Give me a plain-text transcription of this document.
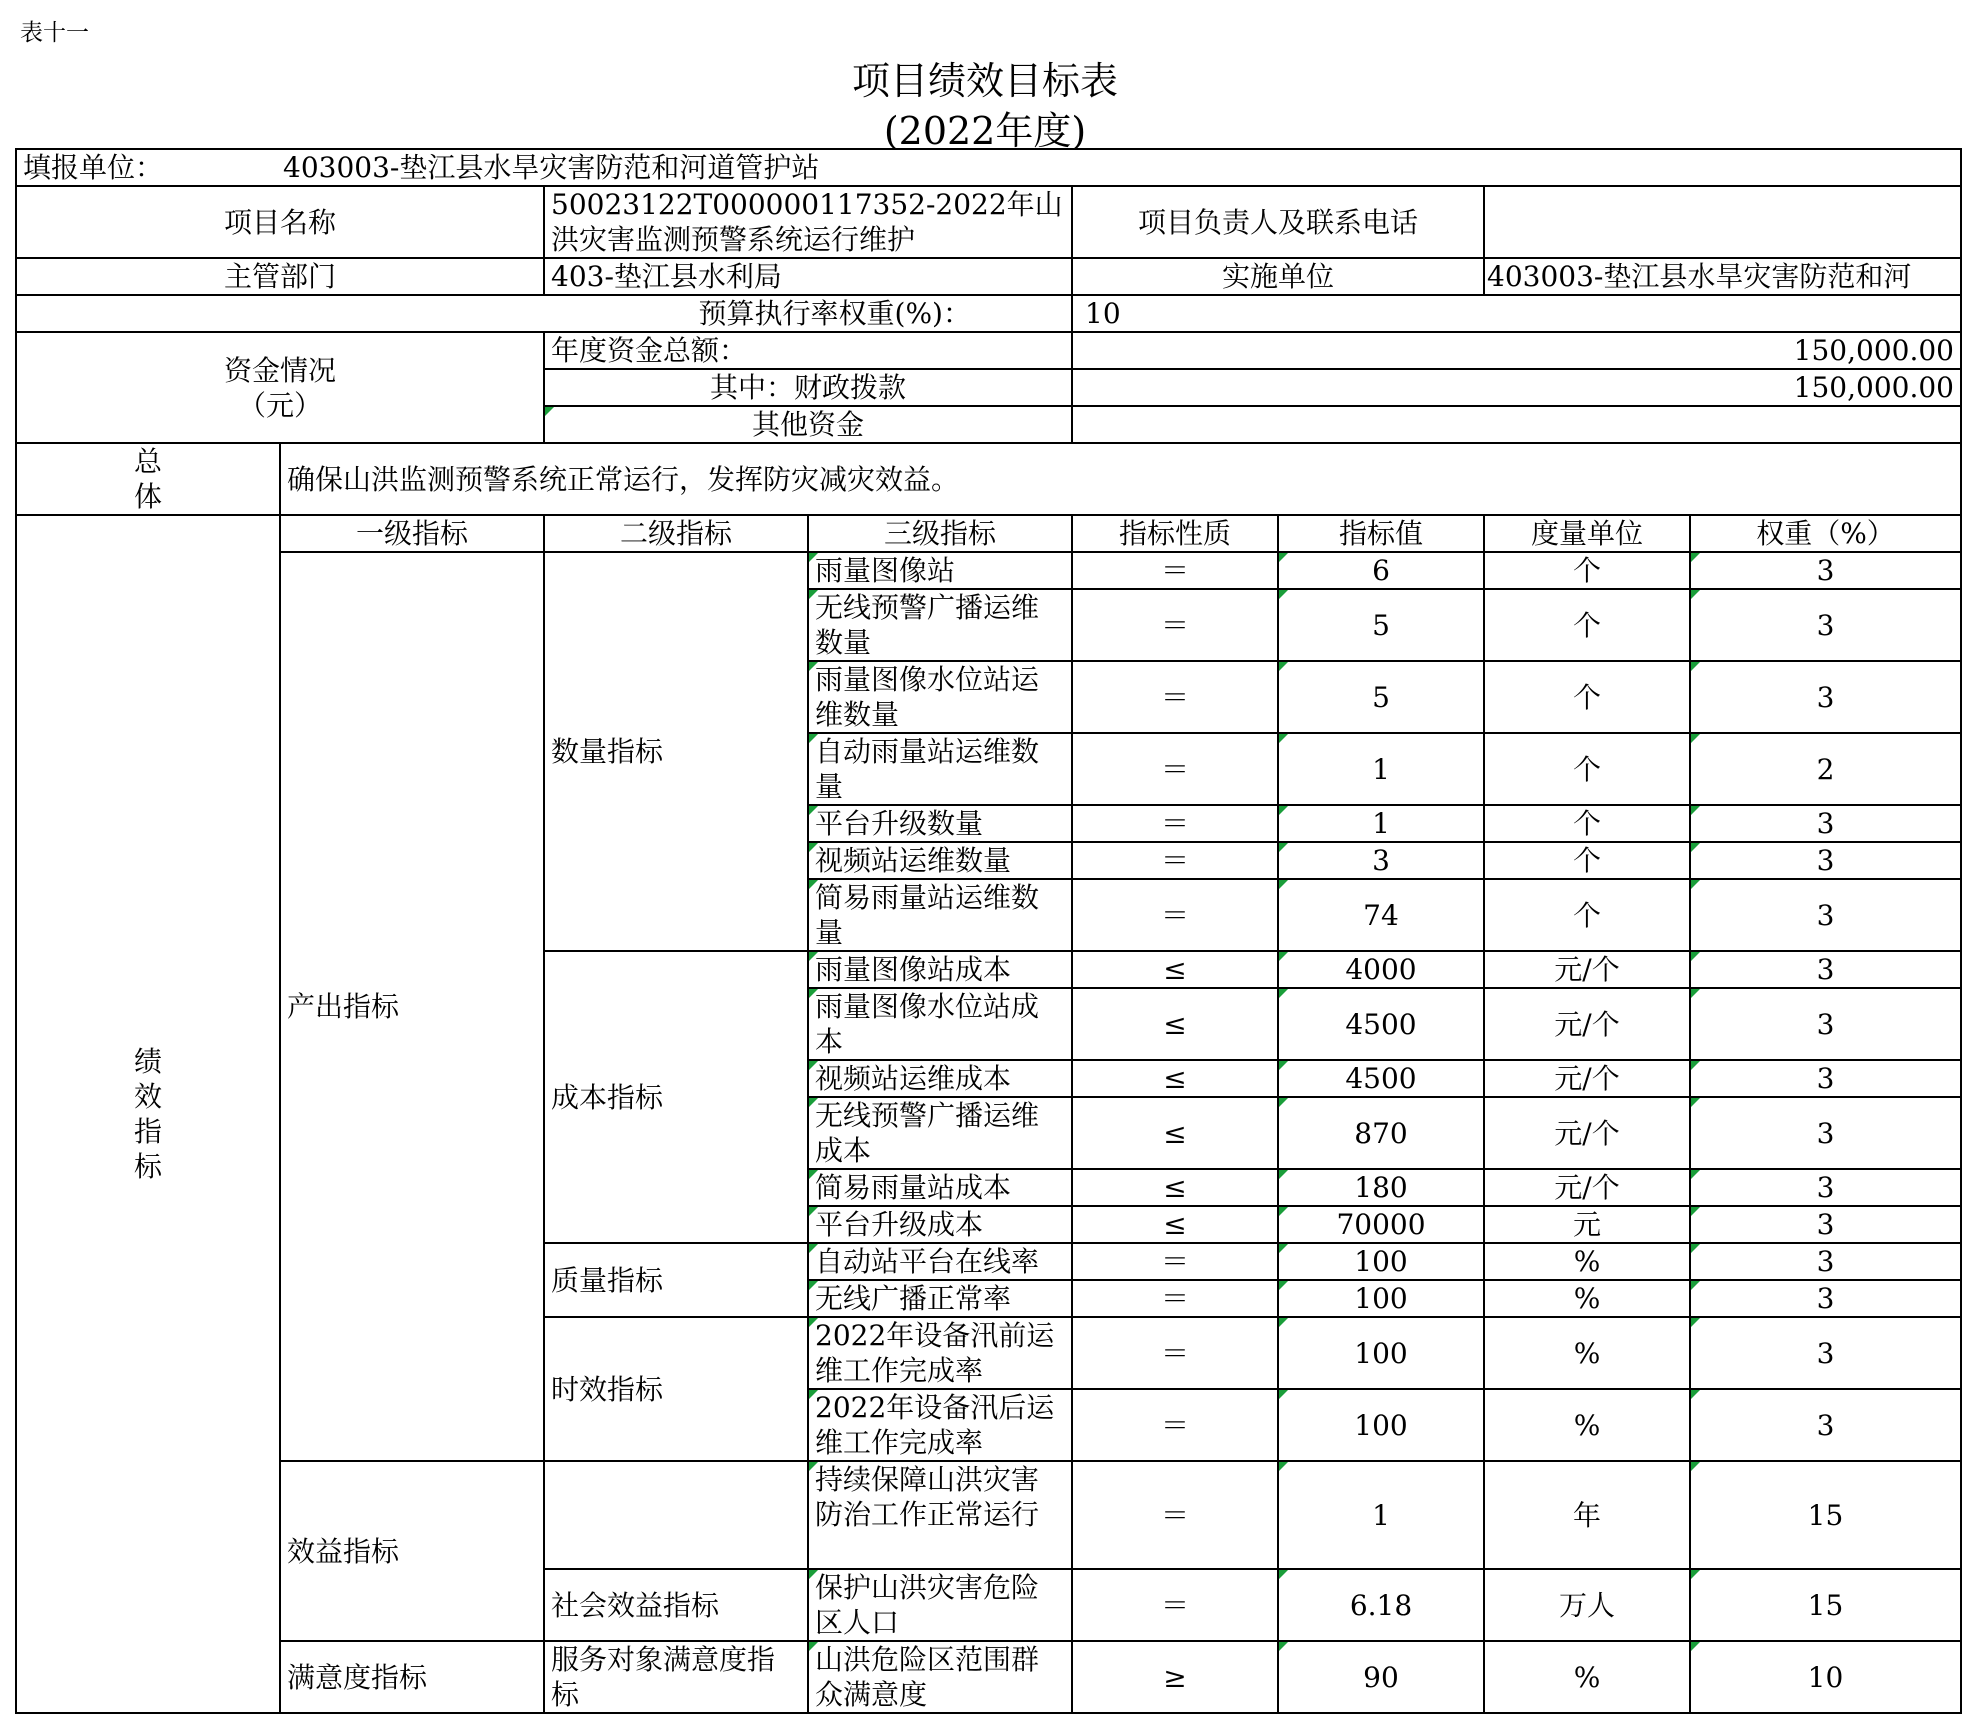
表十一
项目绩效目标表
(2022年度)
填报单位： 403003-垫江县水旱灾害防范和河道管护站							
项目名称		50023122T000000117352-2022年山洪灾害监测预警系统运行维护		项目负责人及联系电话			
主管部门		403-垫江县水利局		实施单位		403003-垫江县水旱灾害防范和河	
预算执行率权重(%)：				10			
资金情况
（元）		年度资金总额：		150,000.00			
		其中：财政拨款		150,000.00			
		其他资金					
总
体	确保山洪监测预警系统正常运行，发挥防灾减灾效益。						
绩
效
指
标	一级指标	二级指标	三级指标	指标性质	指标值	度量单位	权重（%）
	产出指标	数量指标	雨量图像站	＝	6	个	3
			无线预警广播运维数量	＝	5	个	3
			雨量图像水位站运维数量	＝	5	个	3
			自动雨量站运维数量	＝	1	个	2
			平台升级数量	＝	1	个	3
			视频站运维数量	＝	3	个	3
			简易雨量站运维数量	＝	74	个	3
		成本指标	雨量图像站成本	≤	4000	元/个	3
			雨量图像水位站成本	≤	4500	元/个	3
			视频站运维成本	≤	4500	元/个	3
			无线预警广播运维成本	≤	870	元/个	3
			简易雨量站成本	≤	180	元/个	3
			平台升级成本	≤	70000	元	3
		质量指标	自动站平台在线率	＝	100	%	3
			无线广播正常率	＝	100	%	3
		时效指标	2022年设备汛前运维工作完成率	＝	100	%	3
			2022年设备汛后运维工作完成率	＝	100	%	3
	效益指标		持续保障山洪灾害防治工作正常运行	＝	1	年	15
		社会效益指标	保护山洪灾害危险区人口	＝	6.18	万人	15
	满意度指标	服务对象满意度指标	山洪危险区范围群众满意度	≥	90	%	10
